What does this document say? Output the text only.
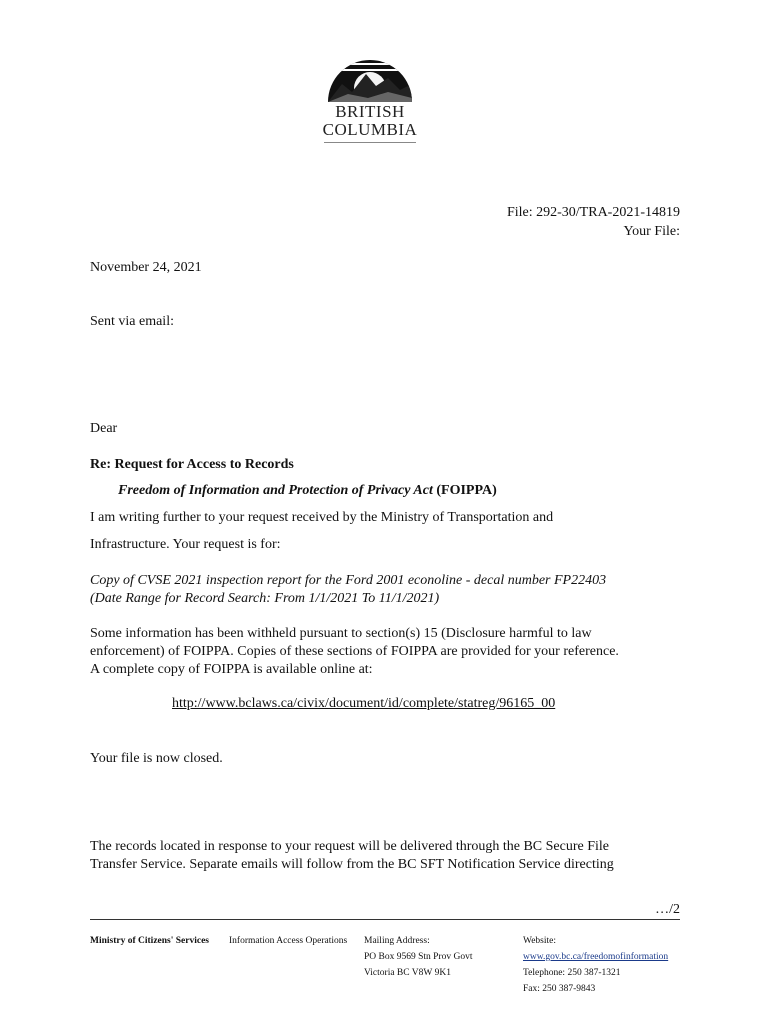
BRITISH
COLUMBIA
File: 292-30/TRA-2021-14819
Your File:
November 24, 2021
Sent via email:
Dear
Re: Request for Access to Records
Freedom of Information and Protection of Privacy Act (FOIPPA)
I am writing further to your request received by the Ministry of Transportation and
Infrastructure. Your request is for:
Copy of CVSE 2021 inspection report for the Ford 2001 econoline - decal number FP22403
(Date Range for Record Search: From 1/1/2021 To 11/1/2021)
Some information has been withheld pursuant to section(s) 15 (Disclosure harmful to law
enforcement) of FOIPPA. Copies of these sections of FOIPPA are provided for your reference.
A complete copy of FOIPPA is available online at:
http://www.bclaws.ca/civix/document/id/complete/statreg/96165_00
Your file is now closed.
The records located in response to your request will be delivered through the BC Secure File
Transfer Service. Separate emails will follow from the BC SFT Notification Service directing
…/2
Ministry of Citizens' Services Information Access Operations Mailing Address:
PO Box 9569 Stn Prov Govt
Victoria BC V8W 9K1
Website:
www.gov.bc.ca/freedomofinformation
Telephone: 250 387-1321
Fax: 250 387-9843
